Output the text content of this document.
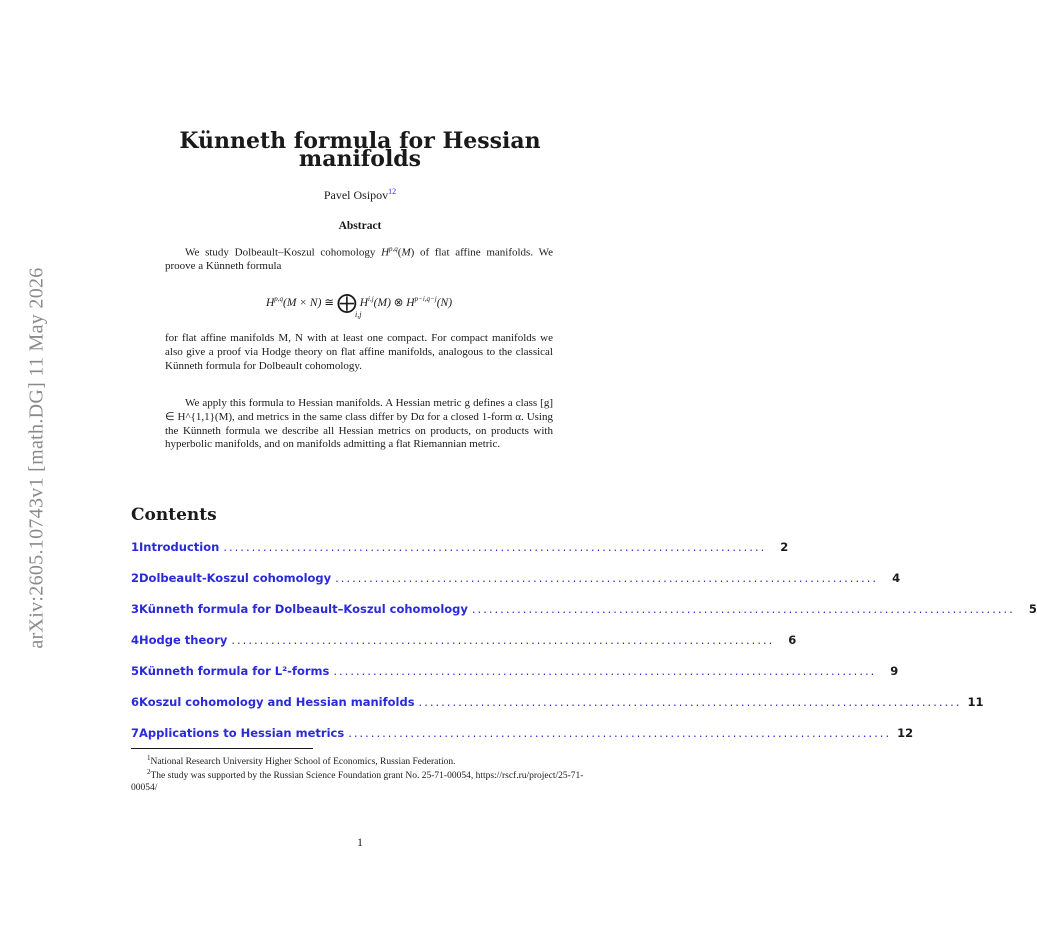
arXiv:2605.10743v1 [math.DG] 11 May 2026
Künneth formula for Hessian manifolds
Pavel Osipov$^{12}$
Abstract

We study Dolbeault–Koszul cohomology H$^{p,q}$(M) of flat affine manifolds. We proove a Künneth formula

H$^{p,q}$(M × N) ≅ ⨁ H$^{i,j}$(M) ⊗ $H^{p-i,q-j}(N)$
i,j
for flat affine manifolds M, N with at least one compact. For compact manifolds we also give a proof via Hodge theory on flat affine manifolds, analogous to the classical Künneth formula for Dolbeault cohomology.

We apply this formula to Hessian manifolds. A Hessian metric g defines a class [g] ∈ H^{1,1}(M), and metrics in the same class differ by Dα for a closed 1-form α. Using the Künneth formula we describe all Hessian metrics on products, on products with hyperbolic manifolds, and on manifolds admitting a flat Riemannian metric.

Contents
1 Introduction ................................................................................................	2
2 Dolbeault-Koszul cohomology ................................................................................................	4
3 Künneth formula for Dolbeault–Koszul cohomology ................................................................................................	5
4 Hodge theory ................................................................................................	6
5 Künneth formula for L²-forms ................................................................................................	9
6 Koszul cohomology and Hessian manifolds ................................................................................................ 11
7 Applications to Hessian metrics ................................................................................................ 12
$^1$National Research University Higher School of Economics, Russian Federation.
$^2$The study was supported by the Russian Science Foundation grant No. 25-71-00054, https://rscf.ru/project/25-71-00054/
1
